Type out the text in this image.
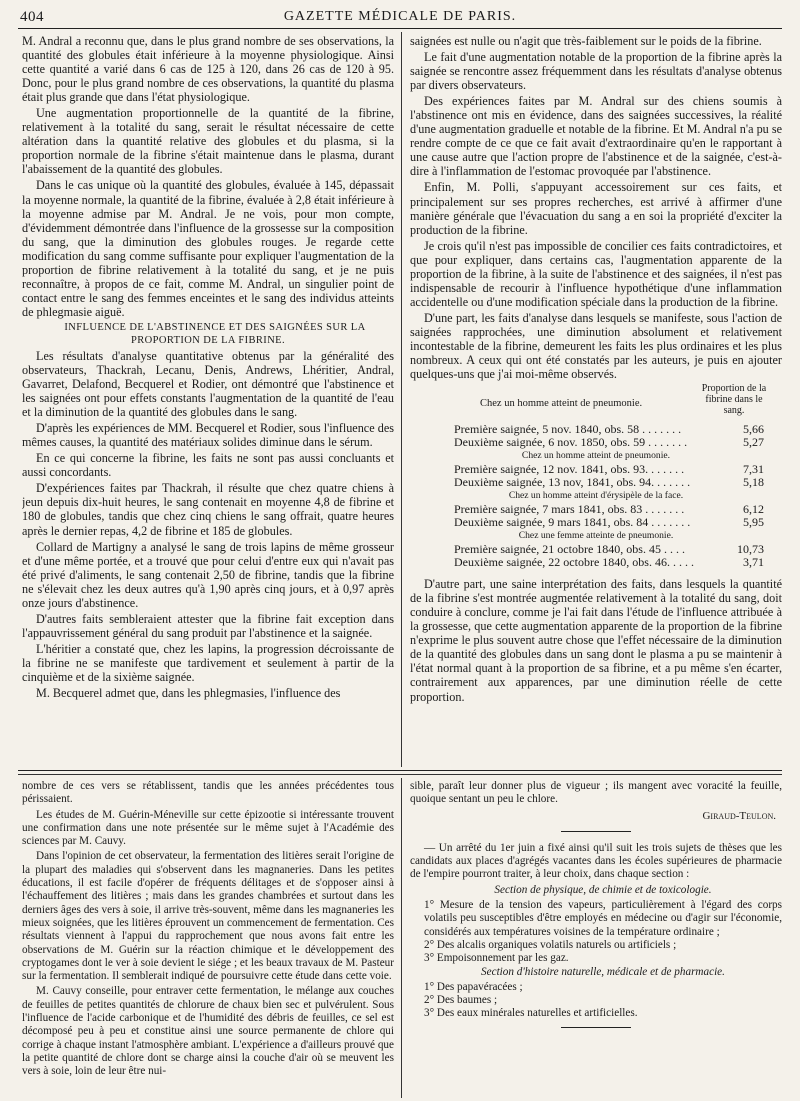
404	GAZETTE MÉDICALE DE PARIS.

M. Andral a reconnu que, dans le plus grand nombre de ses observations, la quantité des globules était inférieure à la moyenne physiologique. Ainsi cette quantité a varié dans 6 cas de 125 à 120, dans 26 cas de 120 à 95. Donc, pour le plus grand nombre de ces observations, la quantité du plasma était plus grande que dans l'état physiologique.

Une augmentation proportionnelle de la quantité de la fibrine, relativement à la totalité du sang, serait le résultat nécessaire de cette altération dans la quantité relative des globules et du plasma, si la proportion normale de la fibrine s'était maintenue dans le plasma, durant l'abaissement de la quantité des globules.

Dans le cas unique où la quantité des globules, évaluée à 145, dépassait la moyenne normale, la quantité de la fibrine, évaluée à 2,8 était inférieure à la moyenne admise par M. Andral. Je ne vois, pour mon compte, d'évidemment démontrée dans l'influence de la grossesse sur la composition du sang, que la diminution des globules rouges. Je regarde cette modification du sang comme suffisante pour expliquer l'augmentation de la proportion de fibrine relativement à la totalité du sang, et je ne puis reconnaître, à propos de ce fait, comme M. Andral, un singulier point de contact entre le sang des femmes enceintes et le sang des individus atteints de phlegmasie aiguë.

INFLUENCE DE L'ABSTINENCE ET DES SAIGNÉES SUR LA PROPORTION DE LA FIBRINE.

Les résultats d'analyse quantitative obtenus par la généralité des observateurs, Thackrah, Lecanu, Denis, Andrews, Lhéritier, Andral, Gavarret, Delafond, Becquerel et Rodier, ont démontré que l'abstinence et les saignées ont pour effets constants l'augmentation de la quantité de l'eau et la diminution de la quantité des globules dans le sang.

D'après les expériences de MM. Becquerel et Rodier, sous l'influence des mêmes causes, la quantité des matériaux solides diminue dans le sérum.

En ce qui concerne la fibrine, les faits ne sont pas aussi concluants et aussi concordants.

D'expériences faites par Thackrah, il résulte que chez quatre chiens à jeun depuis dix-huit heures, le sang contenait en moyenne 4,8 de fibrine et 180 de globules, tandis que chez cinq chiens le sang offrait, quatre heures après le dernier repas, 4,2 de fibrine et 185 de globules.

Collard de Martigny a analysé le sang de trois lapins de même grosseur et d'une même portée, et a trouvé que pour celui d'entre eux qui n'avait pas été privé d'aliments, le sang contenait 2,50 de fibrine, tandis que la fibrine ne s'élevait chez les deux autres qu'à 1,90 après cinq jours, et à 0,97 après onze jours d'abstinence.

D'autres faits sembleraient attester que la fibrine fait exception dans l'appauvrissement général du sang produit par l'abstinence et la saignée.

L'héritier a constaté que, chez les lapins, la progression décroissante de la fibrine ne se manifeste que tardivement et seulement à partir de la cinquième et de la sixième saignée.

M. Becquerel admet que, dans les phlegmasies, l'influence des

saignées est nulle ou n'agit que très-faiblement sur le poids de la fibrine.

Le fait d'une augmentation notable de la proportion de la fibrine après la saignée se rencontre assez fréquemment dans les résultats d'analyse obtenus par divers observateurs.

Des expériences faites par M. Andral sur des chiens soumis à l'abstinence ont mis en évidence, dans des saignées successives, la réalité d'une augmentation graduelle et notable de la fibrine. Et M. Andral n'a pu se rendre compte de ce que ce fait avait d'extraordinaire qu'en le rapportant à une cause autre que l'action propre de l'abstinence et de la saignée, c'est-à-dire à l'inflammation de l'estomac provoquée par l'abstinence.

Enfin, M. Polli, s'appuyant accessoirement sur ces faits, et principalement sur ses propres recherches, est arrivé à affirmer d'une manière générale que l'évacuation du sang a en soi la propriété d'exciter la production de la fibrine.

Je crois qu'il n'est pas impossible de concilier ces faits contradictoires, et que pour expliquer, dans certains cas, l'augmentation apparente de la proportion de la fibrine, à la suite de l'abstinence et des saignées, il n'est pas indispensable de recourir à l'influence hypothétique d'une inflammation accidentelle ou d'une modification spéciale dans la production de la fibrine.

D'une part, les faits d'analyse dans lesquels se manifeste, sous l'action de saignées rapprochées, une diminution absolument et relativement incontestable de la fibrine, demeurent les faits les plus ordinaires et les plus nombreux. A ceux qui ont été constatés par les auteurs, je puis en ajouter quelques-uns que j'ai moi-même observés.

Chez un homme atteint de pneumonie.
Proportion de la fibrine dans le sang.
Première saignée, 5 nov. 1840, obs. 58 . . . . . . .	5,66
Deuxième saignée, 6 nov. 1850, obs. 59 . . . . . . .	5,27
Chez un homme atteint de pneumonie.
Première saignée, 12 nov. 1841, obs. 93. . . . . . .	7,31
Deuxième saignée, 13 nov, 1841, obs. 94. . . . . . .	5,18
Chez un homme atteint d'érysipèle de la face.
Première saignée, 7 mars 1841, obs. 83 . . . . . . .	6,12
Deuxième saignée, 9 mars 1841, obs. 84 . . . . . . .	5,95
Chez une femme atteinte de pneumonie.
Première saignée, 21 octobre 1840, obs. 45 . . . .	10,73
Deuxième saignée, 22 octobre 1840, obs. 46. . . . .	3,71

D'autre part, une saine interprétation des faits, dans lesquels la quantité de la fibrine s'est montrée augmentée relativement à la totalité du sang, doit conduire à conclure, comme je l'ai fait dans l'étude de l'influence attribuée à la grossesse, que cette augmentation apparente de la proportion de la fibrine n'exprime le plus souvent autre chose que l'effet nécessaire de la diminution de la quantité des globules dans un sang dont le plasma a pu se maintenir à l'état normal quant à la proportion de sa fibrine, et a pu même s'en écarter, contrairement aux apparences, par une diminution réelle de cette proportion.

nombre de ces vers se rétablissent, tandis que les années précédentes tous périssaient.

Les études de M. Guérin-Méneville sur cette épizootie si intéressante trouvent une confirmation dans une note présentée sur le même sujet à l'Académie des sciences par M. Cauvy.

Dans l'opinion de cet observateur, la fermentation des litières serait l'origine de la plupart des maladies qui s'observent dans les magnaneries. Dans les petites éducations, il est facile d'opérer de fréquents délitages et de s'opposer ainsi à l'échauffement des litières ; mais dans les grandes chambrées et surtout dans les derniers âges des vers à soie, il arrive très-souvent, même dans les magnaneries les mieux soignées, que les litières éprouvent un commencement de fermentation. Ces résultats viennent à l'appui du rapprochement que nous avons fait entre les observations de M. Guérin sur la réaction chimique et le développement des cryptogames dont le ver à soie devient le siége ; et les beaux travaux de M. Pasteur sur la fermentation. Il semblerait indiqué de poursuivre cette étude dans cette voie.

M. Cauvy conseille, pour entraver cette fermentation, le mélange aux couches de feuilles de petites quantités de chlorure de chaux bien sec et pulvérulent. Sous l'influence de l'acide carbonique et de l'humidité des débris de feuilles, ce sel est décomposé peu à peu et constitue ainsi une source permanente de chlore qui corrige à chaque instant l'atmosphère ambiant. L'expérience a d'ailleurs prouvé que la petite quantité de chlore dont se charge ainsi la couche d'air où se meuvent les vers à soie, loin de leur être nui-

sible, paraît leur donner plus de vigueur ; ils mangent avec voracité la feuille, quoique sentant un peu le chlore.

Giraud-Teulon.

— Un arrêté du 1er juin a fixé ainsi qu'il suit les trois sujets de thèses que les candidats aux places d'agrégés vacantes dans les écoles supérieures de pharmacie de l'empire pourront traiter, à leur choix, dans chaque section :

Section de physique, de chimie et de toxicologie.

1° Mesure de la tension des vapeurs, particulièrement à l'égard des corps volatils peu susceptibles d'être employés en médecine ou d'agir sur l'économie, considérés aux températures voisines de la température ordinaire ;

2° Des alcalis organiques volatils naturels ou artificiels ;

3° Empoisonnement par les gaz.

Section d'histoire naturelle, médicale et de pharmacie.

1° Des papavéracées ;

2° Des baumes ;

3° Des eaux minérales naturelles et artificielles.
